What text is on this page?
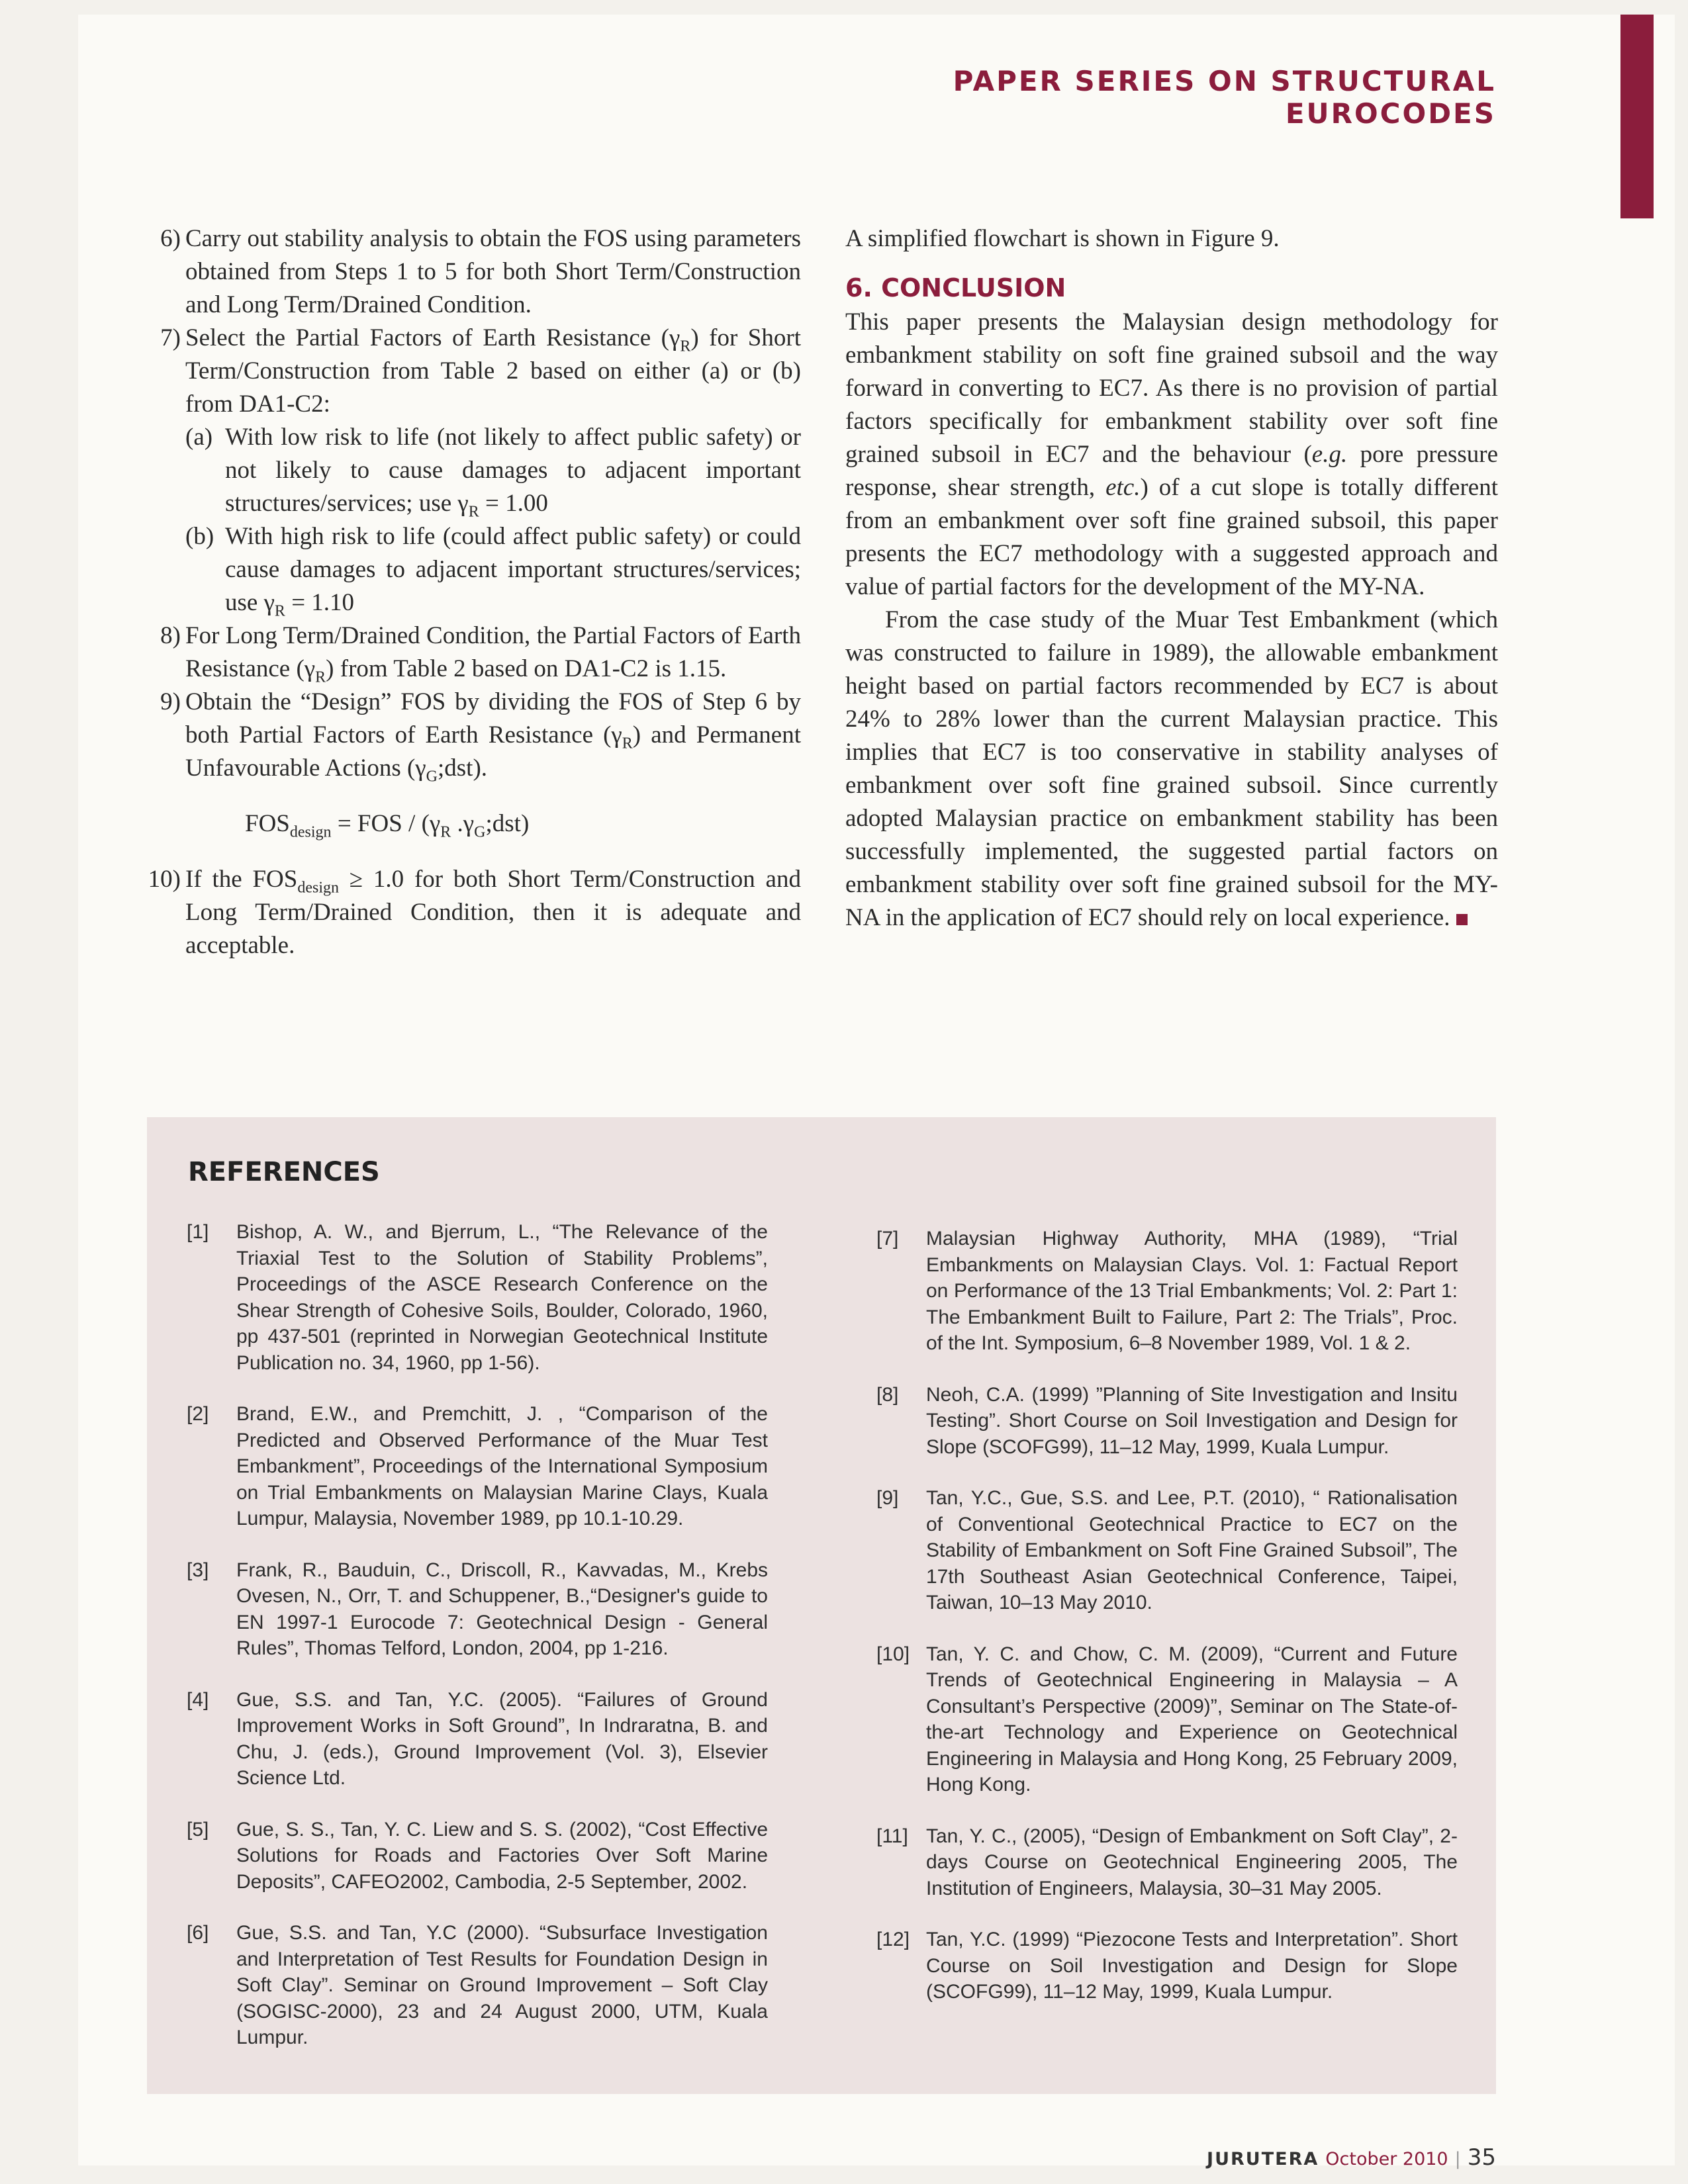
PAPER SERIES ON STRUCTURAL EUROCODES

6) Carry out stability analysis to obtain the FOS using parameters obtained from Steps 1 to 5 for both Short Term/Construction and Long Term/Drained Condition.

7) Select the Partial Factors of Earth Resistance $(\gamma_R)$ for Short Term/Construction from Table 2 based on either (a) or (b) from DA1-C2:

(a) With low risk to life (not likely to affect public safety) or not likely to cause damages to adjacent important structures/services; use $\gamma_R = 1.00$

(b) With high risk to life (could affect public safety) or could cause damages to adjacent important structures/services; use $\gamma_R = 1.10$

8) For Long Term/Drained Condition, the Partial Factors of Earth Resistance $(\gamma_R)$ from Table 2 based on DA1-C2 is 1.15.

9) Obtain the “Design” FOS by dividing the FOS of Step 6 by both Partial Factors of Earth Resistance $(\gamma_R)$ and Permanent Unfavourable Actions $(\gamma_G;dst)$.

$FOS_{design}$ = FOS / ($\gamma_R$ $.\gamma_G;dst$)

10) If the $FOS_{design} \ge 1.0$ for both Short Term/Construction and Long Term/Drained Condition, then it is adequate and acceptable.

A simplified flowchart is shown in Figure 9.

6. CONCLUSION

This paper presents the Malaysian design methodology for embankment stability on soft fine grained subsoil and the way forward in converting to EC7. As there is no provision of partial factors specifically for embankment stability over soft fine grained subsoil in EC7 and the behaviour (e.g. pore pressure response, shear strength, etc.) of a cut slope is totally different from an embankment over soft fine grained subsoil, this paper presents the EC7 methodology with a suggested approach and value of partial factors for the development of the MY-NA.

From the case study of the Muar Test Embankment (which was constructed to failure in 1989), the allowable embankment height based on partial factors recommended by EC7 is about 24% to 28% lower than the current Malaysian practice. This implies that EC7 is too conservative in stability analyses of embankment over soft fine grained subsoil. Since currently adopted Malaysian practice on embankment stability has been successfully implemented, the suggested partial factors on embankment stability over soft fine grained subsoil for the MY-NA in the application of EC7 should rely on local experience.

REFERENCES
[1] Bishop, A. W., and Bjerrum, L., “The Relevance of the Triaxial Test to the Solution of Stability Problems”, Proceedings of the ASCE Research Conference on the Shear Strength of Cohesive Soils, Boulder, Colorado, 1960, pp 437-501 (reprinted in Norwegian Geotechnical Institute Publication no. 34, 1960, pp 1-56).
[2] Brand, E.W., and Premchitt, J. , “Comparison of the Predicted and Observed Performance of the Muar Test Embankment”, Proceedings of the International Symposium on Trial Embankments on Malaysian Marine Clays, Kuala Lumpur, Malaysia, November 1989, pp 10.1-10.29.
[3] Frank, R., Bauduin, C., Driscoll, R., Kavvadas, M., Krebs Ovesen, N., Orr, T. and Schuppener, B.,“Designer's guide to EN 1997-1 Eurocode 7: Geotechnical Design - General Rules”, Thomas Telford, London, 2004, pp 1-216.
[4] Gue, S.S. and Tan, Y.C. (2005). “Failures of Ground Improvement Works in Soft Ground”, In Indraratna, B. and Chu, J. (eds.), Ground Improvement (Vol. 3), Elsevier Science Ltd.
[5] Gue, S. S., Tan, Y. C. Liew and S. S. (2002), “Cost Effective Solutions for Roads and Factories Over Soft Marine Deposits”, CAFEO2002, Cambodia, 2-5 September, 2002.
[6] Gue, S.S. and Tan, Y.C (2000). “Subsurface Investigation and Interpretation of Test Results for Foundation Design in Soft Clay”. Seminar on Ground Improvement – Soft Clay (SOGISC-2000), 23 and 24 August 2000, UTM, Kuala Lumpur.
[7] Malaysian Highway Authority, MHA (1989), “Trial Embankments on Malaysian Clays. Vol. 1: Factual Report on Performance of the 13 Trial Embankments; Vol. 2: Part 1: The Embankment Built to Failure, Part 2: The Trials”, Proc. of the Int. Symposium, 6–8 November 1989, Vol. 1 & 2.
[8] Neoh, C.A. (1999) ”Planning of Site Investigation and Insitu Testing”. Short Course on Soil Investigation and Design for Slope (SCOFG99), 11–12 May, 1999, Kuala Lumpur.
[9] Tan, Y.C., Gue, S.S. and Lee, P.T. (2010), “ Rationalisation of Conventional Geotechnical Practice to EC7 on the Stability of Embankment on Soft Fine Grained Subsoil”, The 17th Southeast Asian Geotechnical Conference, Taipei, Taiwan, 10–13 May 2010.
[10] Tan, Y. C. and Chow, C. M. (2009), “Current and Future Trends of Geotechnical Engineering in Malaysia – A Consultant’s Perspective (2009)”, Seminar on The State-of-the-art Technology and Experience on Geotechnical Engineering in Malaysia and Hong Kong, 25 February 2009, Hong Kong.
[11] Tan, Y. C., (2005), “Design of Embankment on Soft Clay”, 2-days Course on Geotechnical Engineering 2005, The Institution of Engineers, Malaysia, 30–31 May 2005.
[12] Tan, Y.C. (1999) “Piezocone Tests and Interpretation”. Short Course on Soil Investigation and Design for Slope (SCOFG99), 11–12 May, 1999, Kuala Lumpur.
JURUTERA October 2010 | 35
